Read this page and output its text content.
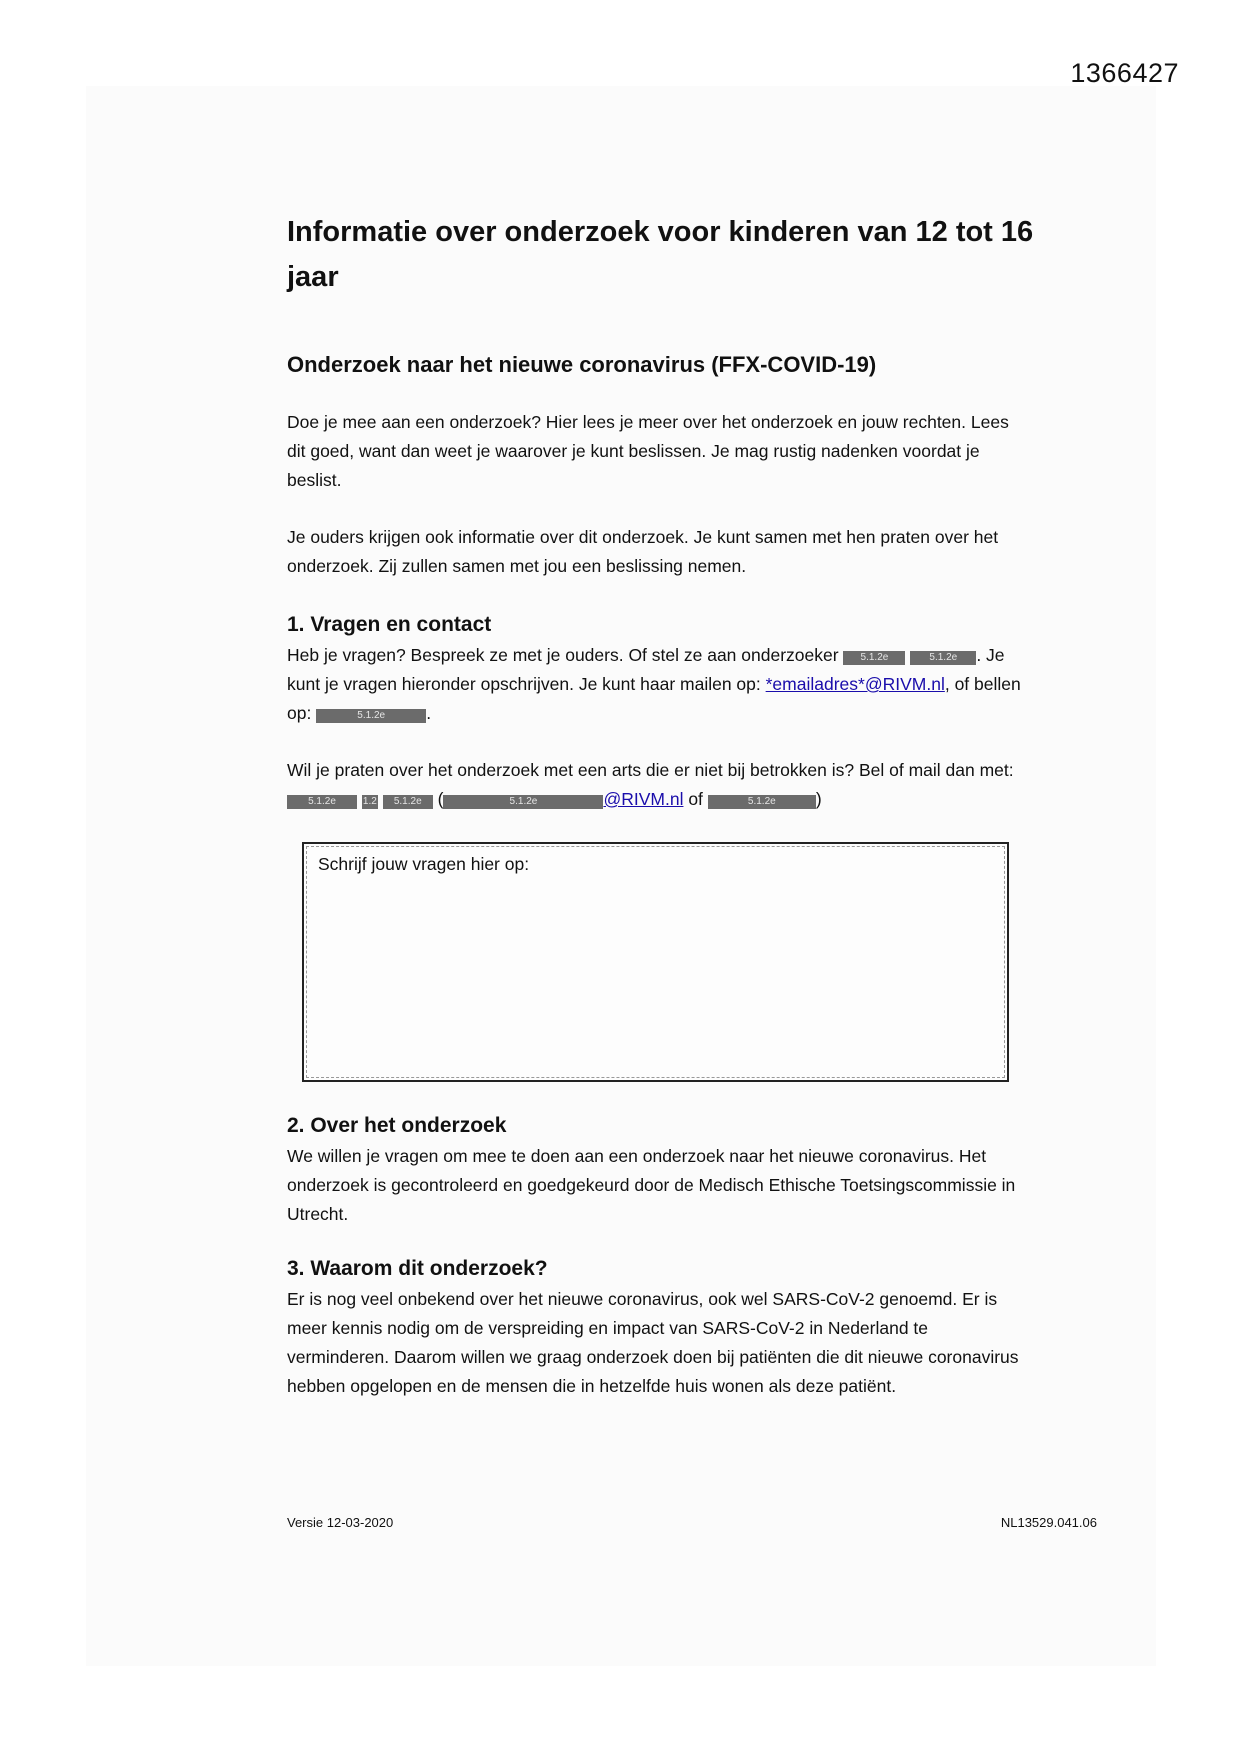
1366427
Informatie over onderzoek voor kinderen van 12 tot 16 jaar
Onderzoek naar het nieuwe coronavirus (FFX-COVID-19)

Doe je mee aan een onderzoek? Hier lees je meer over het onderzoek en jouw rechten. Lees dit goed, want dan weet je waarover je kunt beslissen. Je mag rustig nadenken voordat je beslist.

Je ouders krijgen ook informatie over dit onderzoek. Je kunt samen met hen praten over het onderzoek. Zij zullen samen met jou een beslissing nemen.

1. Vragen en contact

Heb je vragen? Bespreek ze met je ouders. Of stel ze aan onderzoeker 5.1.2e	5.1.2e . Je kunt je vragen hieronder opschrijven. Je kunt haar mailen op: *emailadres*@RIVM.nl, of bellen op:	5.1.2e .

Wil je praten over het onderzoek met een arts die er niet bij betrokken is? Bel of mail dan met: 5.1.2e	1.2 5.1.2e (	5.1.2e	@RIVM.nl of	5.1.2e )

Schrijf jouw vragen hier op:
2. Over het onderzoek

We willen je vragen om mee te doen aan een onderzoek naar het nieuwe coronavirus. Het onderzoek is gecontroleerd en goedgekeurd door de Medisch Ethische Toetsingscommissie in Utrecht.

3. Waarom dit onderzoek?

Er is nog veel onbekend over het nieuwe coronavirus, ook wel SARS-CoV-2 genoemd. Er is meer kennis nodig om de verspreiding en impact van SARS-CoV-2 in Nederland te verminderen. Daarom willen we graag onderzoek doen bij patiënten die dit nieuwe coronavirus hebben opgelopen en de mensen die in hetzelfde huis wonen als deze patiënt.

Versie 12-03-2020	NL13529.041.06
